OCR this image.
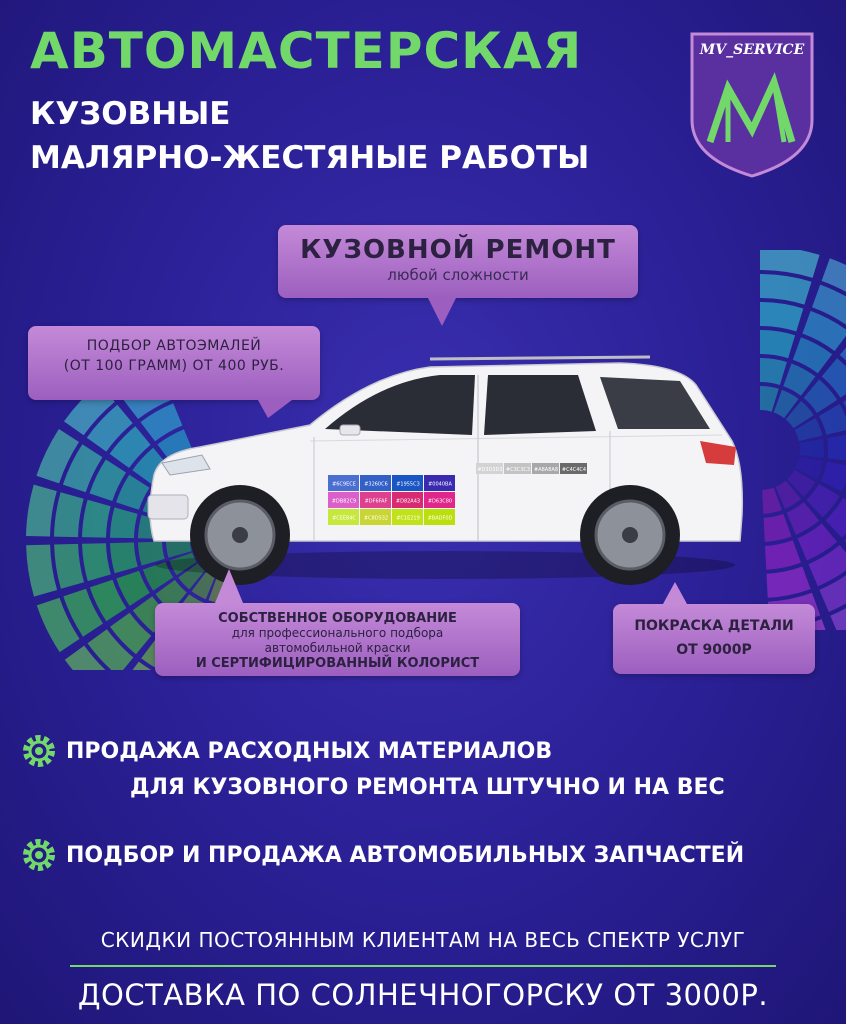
АВТОМАСТЕРСКАЯ
КУЗОВНЫЕ
МАЛЯРНО-ЖЕСТЯНЫЕ РАБОТЫ
MV_SERVICE
#6C9ECE #3260C6 #1955C3 #0040BA
#DB82C9 #DF6FAF #D82A43 #D63C80
#CEE84C #C8D532 #C1E219 #BADF0D
#D3D3D3 #C3C3C3 #A8A8A8 #C4C4C4
КУЗОВНОЙ РЕМОНТ
любой сложности
ПОДБОР АВТОЭМАЛЕЙ
(ОТ 100 ГРАММ) ОТ 400 РУБ.
СОБСТВЕННОЕ ОБОРУДОВАНИЕ
для профессионального подбора
автомобильной краски
И СЕРТИФИЦИРОВАННЫЙ КОЛОРИСТ
ПОКРАСКА ДЕТАЛИ
ОТ 9000Р
ПРОДАЖА РАСХОДНЫХ МАТЕРИАЛОВ
ДЛЯ КУЗОВНОГО РЕМОНТА ШТУЧНО И НА ВЕС
ПОДБОР И ПРОДАЖА АВТОМОБИЛЬНЫХ ЗАПЧАСТЕЙ
СКИДКИ ПОСТОЯННЫМ КЛИЕНТАМ НА ВЕСЬ СПЕКТР УСЛУГ
ДОСТАВКА ПО СОЛНЕЧНОГОРСКУ ОТ 3000Р.
